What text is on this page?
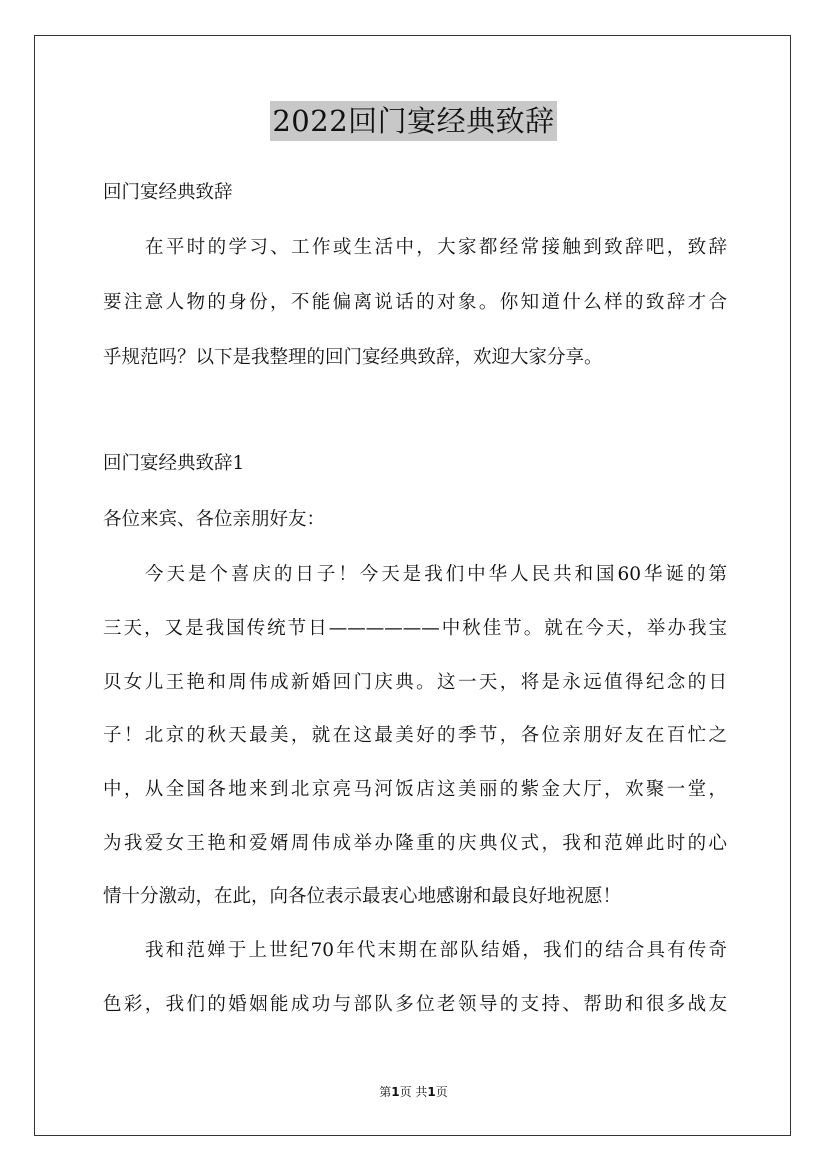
2022回门宴经典致辞
回门宴经典致辞
在平时的学习、工作或生活中，大家都经常接触到致辞吧，致辞
要注意人物的身份，不能偏离说话的对象。你知道什么样的致辞才合
乎规范吗？以下是我整理的回门宴经典致辞，欢迎大家分享。
回门宴经典致辞1
各位来宾、各位亲朋好友：
今天是个喜庆的日子！今天是我们中华人民共和国60华诞的第
三天，又是我国传统节日——————中秋佳节。就在今天，举办我宝
贝女儿王艳和周伟成新婚回门庆典。这一天，将是永远值得纪念的日
子！北京的秋天最美，就在这最美好的季节，各位亲朋好友在百忙之
中，从全国各地来到北京亮马河饭店这美丽的紫金大厅，欢聚一堂，
为我爱女王艳和爱婿周伟成举办隆重的庆典仪式，我和范婵此时的心
情十分激动，在此，向各位表示最衷心地感谢和最良好地祝愿！
我和范婵于上世纪70年代末期在部队结婚，我们的结合具有传奇
色彩，我们的婚姻能成功与部队多位老领导的支持、帮助和很多战友
第1页 共1页
